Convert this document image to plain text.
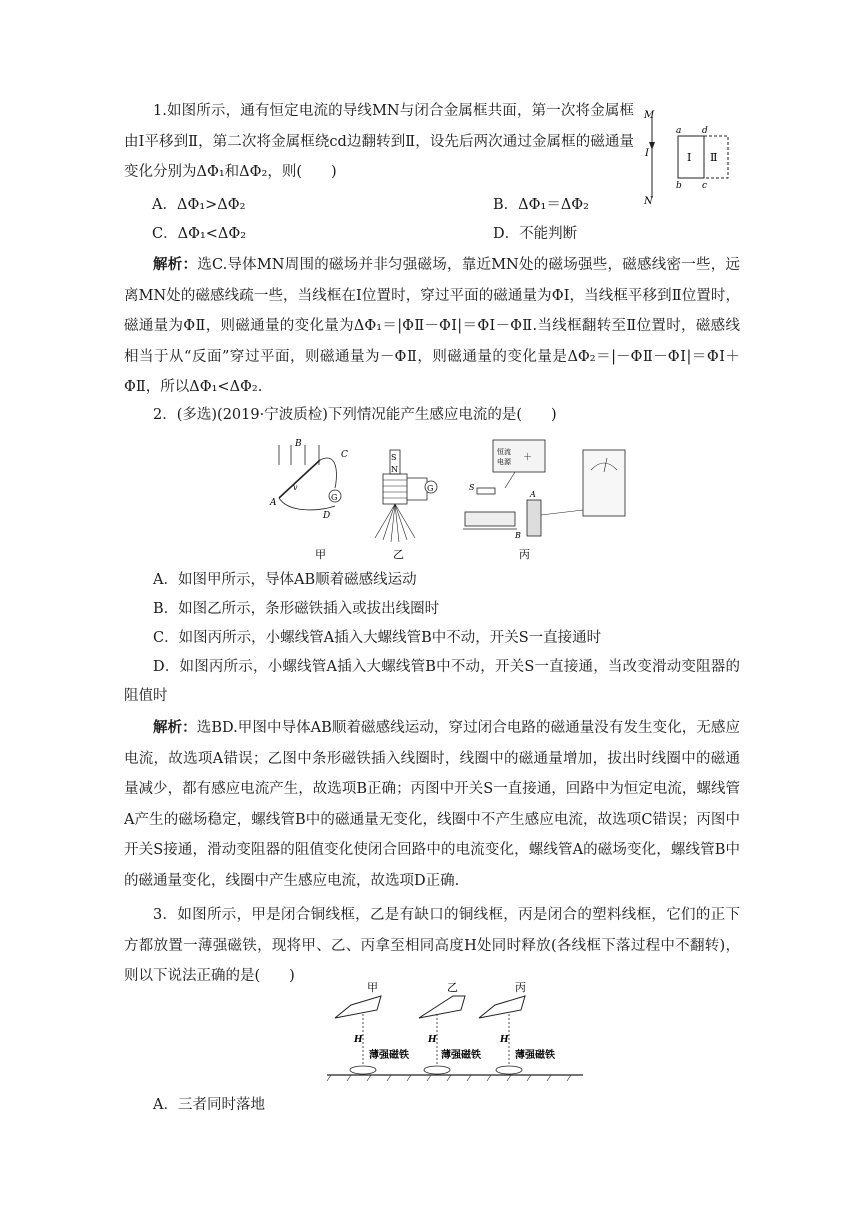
1.如图所示，通有恒定电流的导线MN与闭合金属框共面，第一次将金属框由Ⅰ平移到Ⅱ，第二次将金属框绕cd边翻转到Ⅱ，设先后两次通过金属框的磁通量变化分别为ΔΦ₁和ΔΦ₂，则(　　)

M
N
I
a d
b c
Ⅰ Ⅱ
A．ΔΦ₁>ΔΦ₂	B．ΔΦ₁＝ΔΦ₂
C．ΔΦ₁<ΔΦ₂	D．不能判断

解析：选C.导体MN周围的磁场并非匀强磁场，靠近MN处的磁场强些，磁感线密一些，远离MN处的磁感线疏一些，当线框在Ⅰ位置时，穿过平面的磁通量为ΦⅠ，当线框平移到Ⅱ位置时，磁通量为ΦⅡ，则磁通量的变化量为ΔΦ₁＝|ΦⅡ－ΦⅠ|＝ΦⅠ－ΦⅡ.当线框翻转至Ⅱ位置时，磁感线相当于从“反面”穿过平面，则磁通量为－ΦⅡ，则磁通量的变化量是ΔΦ₂＝|－ΦⅡ－ΦⅠ|＝ΦⅠ＋ΦⅡ，所以ΔΦ₁<ΔΦ₂.

2．(多选)(2019·宁波质检)下列情况能产生感应电流的是(　　)

B
G
A
C
D
v
甲
S
N
G
乙
恒流
电源 ＋
A
B
S
丙

A．如图甲所示，导体AB顺着磁感线运动

B．如图乙所示，条形磁铁插入或拔出线圈时

C．如图丙所示，小螺线管A插入大螺线管B中不动，开关S一直接通时

D．如图丙所示，小螺线管A插入大螺线管B中不动，开关S一直接通，当改变滑动变阻器的阻值时

解析：选BD.甲图中导体AB顺着磁感线运动，穿过闭合电路的磁通量没有发生变化，无感应电流，故选项A错误；乙图中条形磁铁插入线圈时，线圈中的磁通量增加，拔出时线圈中的磁通量减少，都有感应电流产生，故选项B正确；丙图中开关S一直接通，回路中为恒定电流，螺线管A产生的磁场稳定，螺线管B中的磁通量无变化，线圈中不产生感应电流，故选项C错误；丙图中开关S接通，滑动变阻器的阻值变化使闭合回路中的电流变化，螺线管A的磁场变化，螺线管B中的磁通量变化，线圈中产生感应电流，故选项D正确.

3．如图所示，甲是闭合铜线框，乙是有缺口的铜线框，丙是闭合的塑料线框，它们的正下方都放置一薄强磁铁，现将甲、乙、丙拿至相同高度H处同时释放(各线框下落过程中不翻转)，则以下说法正确的是(　　)

甲	乙	丙
H	H	H
薄强磁铁	薄强磁铁	薄强磁铁

A．三者同时落地
